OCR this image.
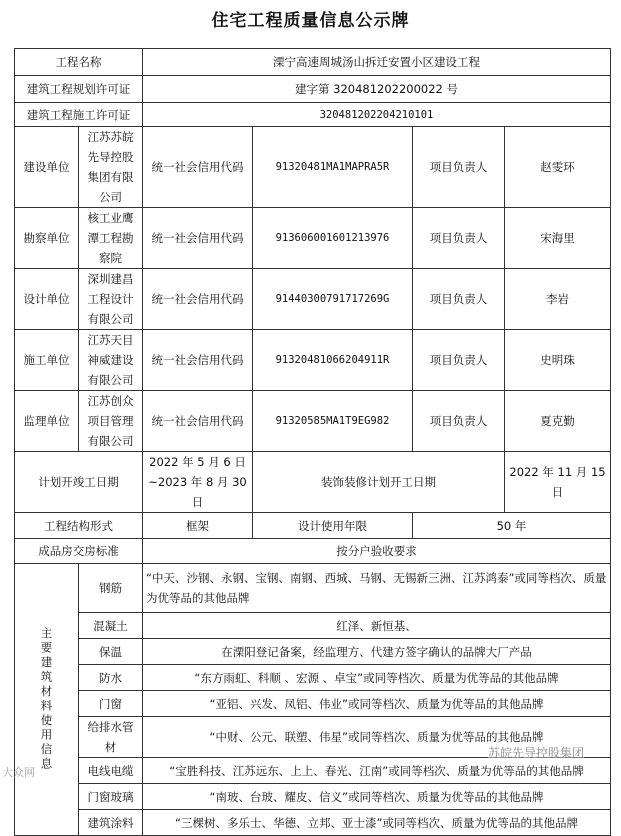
住宅工程质量信息公示牌
工程名称		溧宁高速周城汤山拆迁安置小区建设工程			
建筑工程规划许可证		建字第 320481202200022 号			
建筑工程施工许可证		320481202204210101			
建设单位	江苏苏皖先导控股集团有限公司	统一社会信用代码	91320481MA1MAPRA5R	项目负责人	赵雯环
勘察单位	核工业鹰潭工程勘察院	统一社会信用代码	913606001601213976	项目负责人	宋海里
设计单位	深圳建昌工程设计有限公司	统一社会信用代码	91440300791717269G	项目负责人	李岩
施工单位	江苏天目神威建设有限公司	统一社会信用代码	91320481066204911R	项目负责人	史明珠
监理单位	江苏创众项目管理有限公司	统一社会信用代码	91320585MA1T9EG982	项目负责人	夏克勤
计划开竣工日期		2022 年 5 月 6 日~2023 年 8 月 30 日	装饰装修计划开工日期		2022 年 11 月 15 日
工程结构形式		框架	设计使用年限	50 年	
成品房交房标准		按分户验收要求			

主要建筑材料使用信息	钢筋	“中天、沙钢、永钢、宝钢、南钢、西城、马钢、无锡新三洲、江苏鸿泰”或同等档次、质量为优等品的其他品牌			
	混凝土	红泽、新恒基、			
	保温	在溧阳登记备案，经监理方、代建方签字确认的品牌大厂产品			
	防水	“东方雨虹、科顺 、宏源 、卓宝”或同等档次、质量为优等品的其他品牌			
	门窗	“亚铝、兴发、凤铝、伟业”或同等档次、质量为优等品的其他品牌			
	给排水管材	“中财、公元、联塑、伟星”或同等档次、质量为优等品的其他品牌			
	电线电缆	“宝胜科技、江苏远东、上上、春光、江南”或同等档次、质量为优等品的其他品牌			
	门窗玻璃	“南玻、台玻、耀皮、信义”或同等档次、质量为优等品的其他品牌			
	建筑涂料	“三棵树、多乐士、华德、立邦、亚士漆”或同等档次、质量为优等品的其他品牌			
大众网
苏皖先导控股集团
